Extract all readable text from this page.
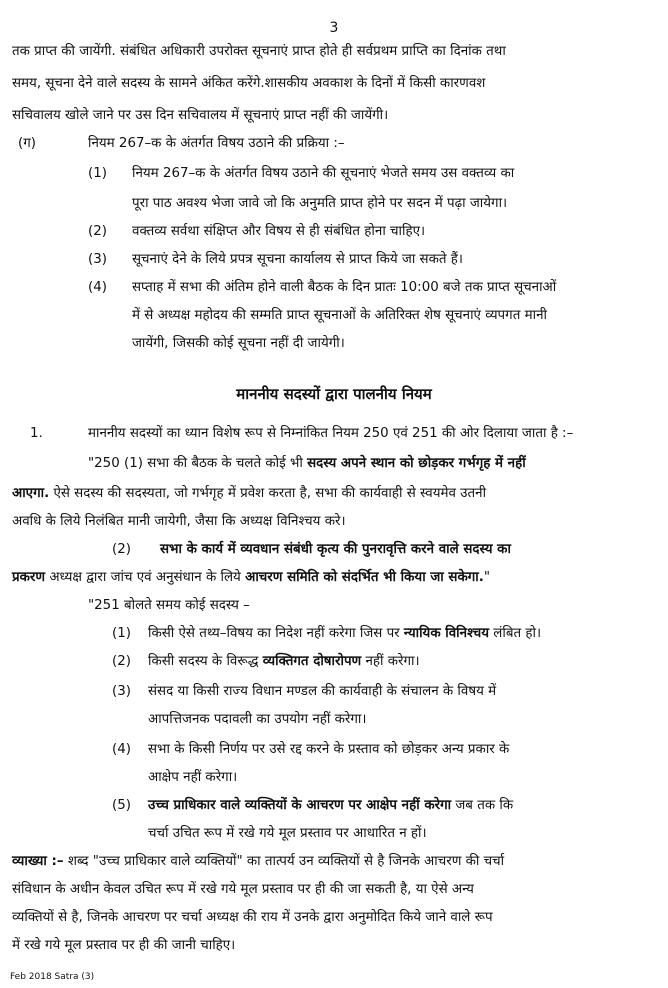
3
तक प्राप्त की जायेंगी. संबंधित अधिकारी उपरोक्त सूचनाएं प्राप्त होते ही सर्वप्रथम प्राप्ति का दिनांक तथा
समय, सूचना देने वाले सदस्य के सामने अंकित करेंगे.शासकीय अवकाश के दिनों में किसी कारणवश
सचिवालय खोले जाने पर उस दिन सचिवालय में सूचनाएं प्राप्त नहीं की जायेंगी।
(ग)	नियम 267–क के अंतर्गत विषय उठाने की प्रक्रिया :–
(1) नियम 267–क के अंतर्गत विषय उठाने की सूचनाएं भेजते समय उस वक्तव्य का
पूरा पाठ अवश्य भेजा जावे जो कि अनुमति प्राप्त होने पर सदन में पढ़ा जायेगा।
(2) वक्तव्य सर्वथा संक्षिप्त और विषय से ही संबंधित होना चाहिए।
(3) सूचनाएं देने के लिये प्रपत्र सूचना कार्यालय से प्राप्त किये जा सकते हैं।
(4) सप्ताह में सभा की अंतिम होने वाली बैठक के दिन प्रातः 10:00 बजे तक प्राप्त सूचनाओं
में से अध्यक्ष महोदय की सम्मति प्राप्त सूचनाओं के अतिरिक्त शेष सूचनाएं व्यपगत मानी
जायेंगी, जिसकी कोई सूचना नहीं दी जायेगी।
माननीय सदस्यों द्वारा पालनीय नियम
1.	माननीय सदस्यों का ध्यान विशेष रूप से निम्नांकित नियम 250 एवं 251 की ओर दिलाया जाता है :–
"250 (1) सभा की बैठक के चलते कोई भी सदस्य अपने स्थान को छोड़कर गर्भगृह में नहीं
आएगा. ऐसे सदस्य की सदस्यता, जो गर्भगृह में प्रवेश करता है, सभा की कार्यवाही से स्वयमेव उतनी
अवधि के लिये निलंबित मानी जायेगी, जैसा कि अध्यक्ष विनिश्चय करे।
(2) सभा के कार्य में व्यवधान संबंधी कृत्य की पुनरावृत्ति करने वाले सदस्य का
प्रकरण अध्यक्ष द्वारा जांच एवं अनुसंधान के लिये आचरण समिति को संदर्भित भी किया जा सकेगा."
"251 बोलते समय कोई सदस्य –
(1) किसी ऐसे तथ्य–विषय का निदेश नहीं करेगा जिस पर न्यायिक विनिश्चय लंबित हो।
(2) किसी सदस्य के विरूद्ध व्यक्तिगत दोषारोपण नहीं करेगा।
(3) संसद या किसी राज्य विधान मण्डल की कार्यवाही के संचालन के विषय में
आपत्तिजनक पदावली का उपयोग नहीं करेगा।
(4) सभा के किसी निर्णय पर उसे रद्द करने के प्रस्ताव को छोड़कर अन्य प्रकार के
आक्षेप नहीं करेगा।
(5) उच्च प्राधिकार वाले व्यक्तियों के आचरण पर आक्षेप नहीं करेगा जब तक कि
चर्चा उचित रूप में रखे गये मूल प्रस्ताव पर आधारित न हों।
व्याख्या :– शब्द "उच्च प्राधिकार वाले व्यक्तियों" का तात्पर्य उन व्यक्तियों से है जिनके आचरण की चर्चा
संविधान के अधीन केवल उचित रूप में रखे गये मूल प्रस्ताव पर ही की जा सकती है, या ऐसे अन्य
व्यक्तियों से है, जिनके आचरण पर चर्चा अध्यक्ष की राय में उनके द्वारा अनुमोदित किये जाने वाले रूप
में रखे गये मूल प्रस्ताव पर ही की जानी चाहिए।
Feb 2018 Satra (3)
